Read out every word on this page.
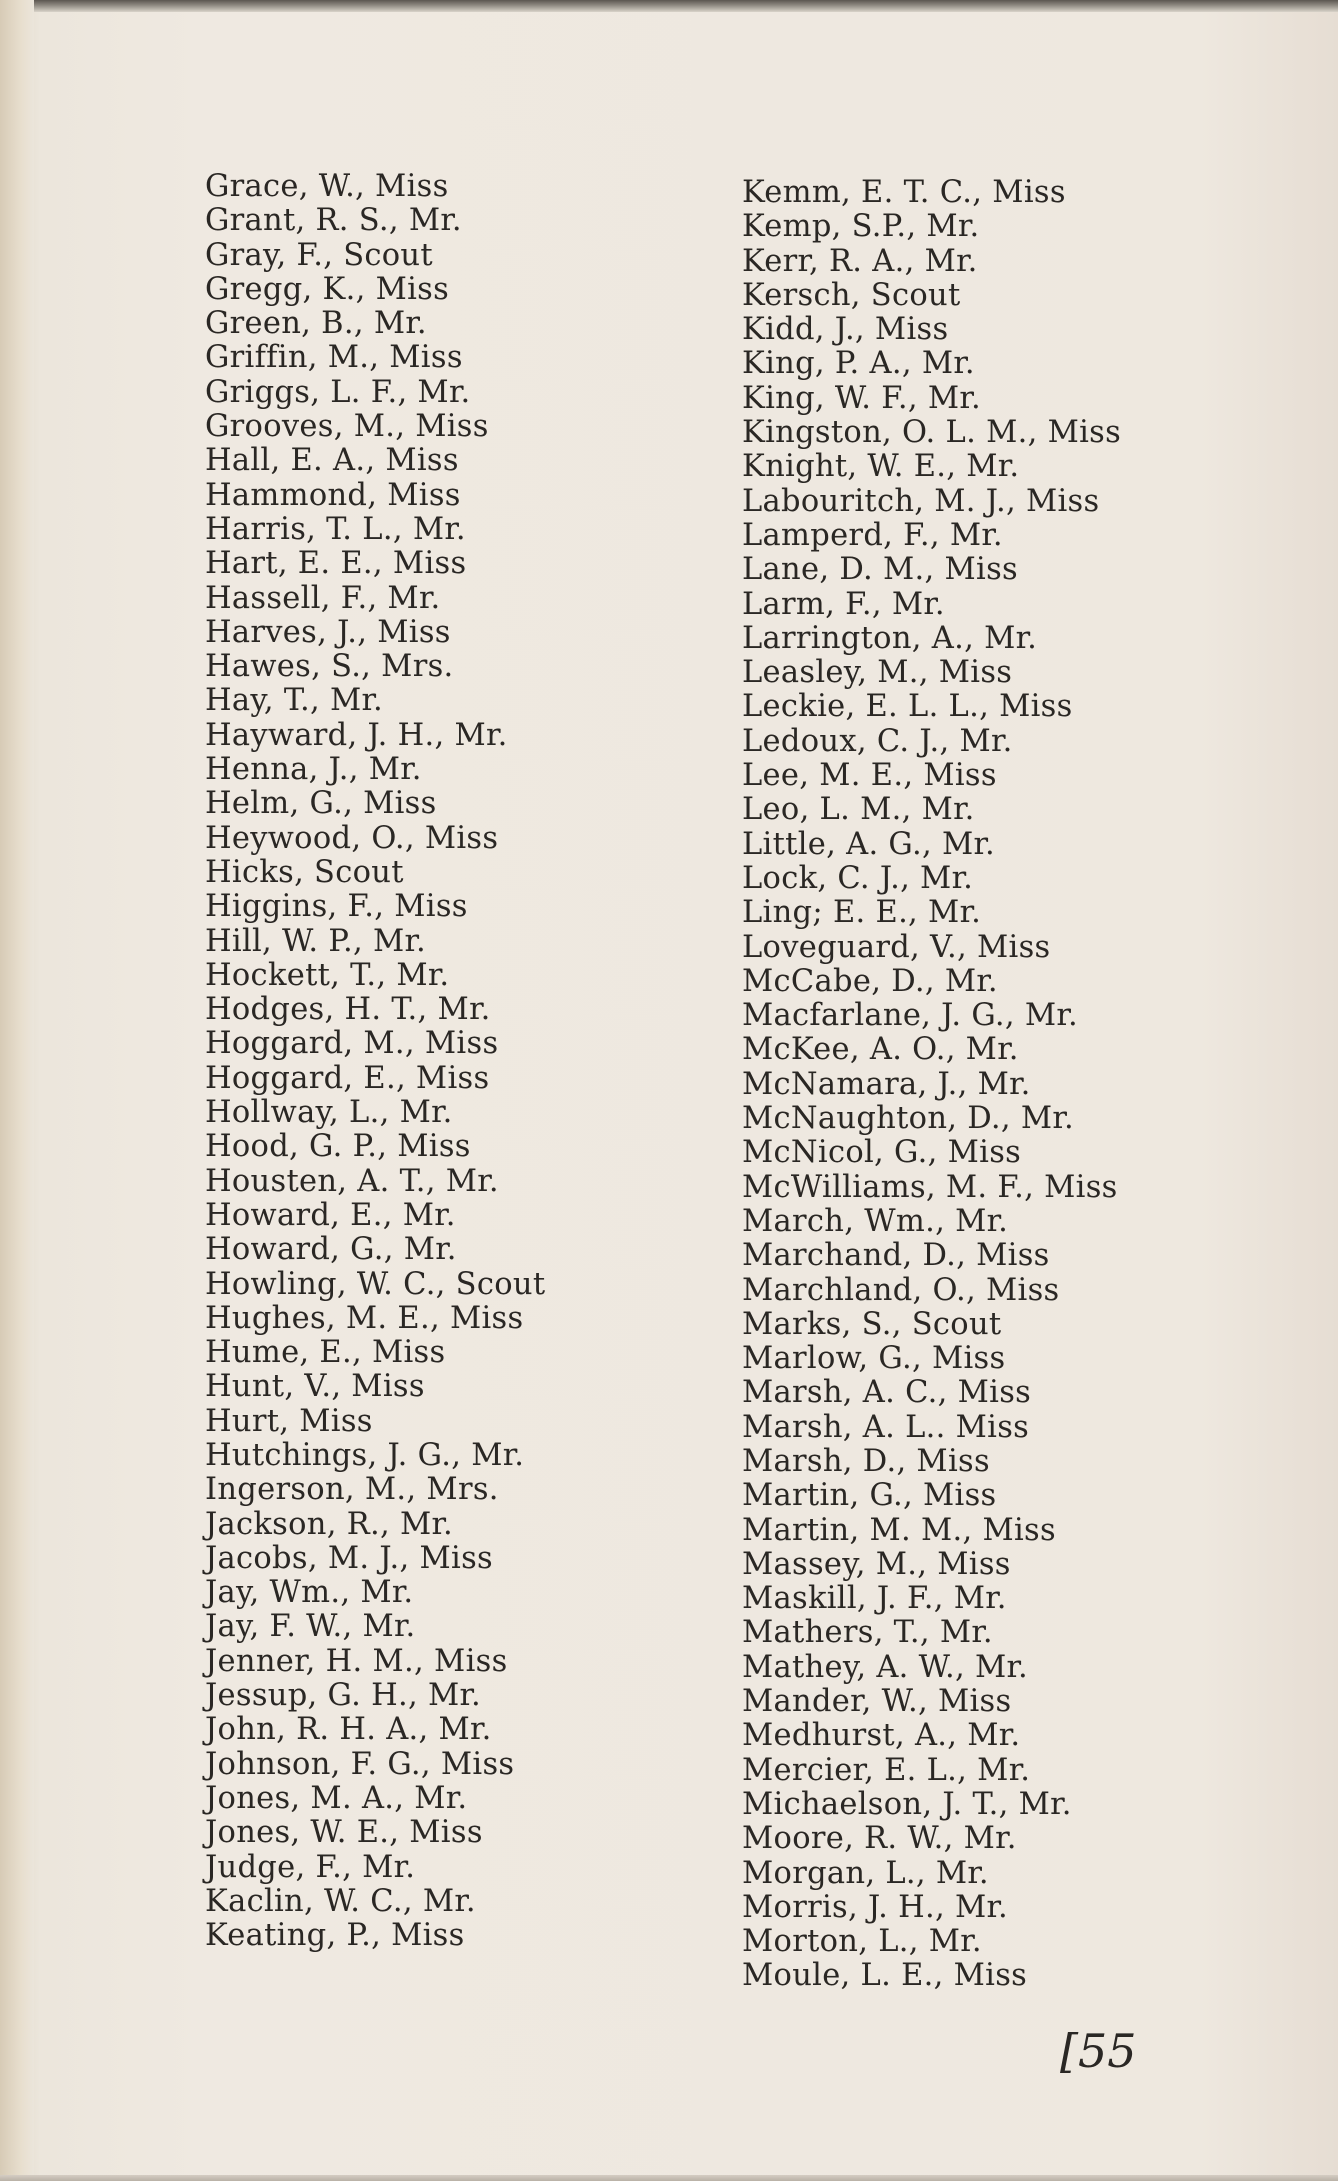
Grace, W., Miss
Grant, R. S., Mr.
Gray, F., Scout
Gregg, K., Miss
Green, B., Mr.
Griffin, M., Miss
Griggs, L. F., Mr.
Grooves, M., Miss
Hall, E. A., Miss
Hammond, Miss
Harris, T. L., Mr.
Hart, E. E., Miss
Hassell, F., Mr.
Harves, J., Miss
Hawes, S., Mrs.
Hay, T., Mr.
Hayward, J. H., Mr.
Henna, J., Mr.
Helm, G., Miss
Heywood, O., Miss
Hicks, Scout
Higgins, F., Miss
Hill, W. P., Mr.
Hockett, T., Mr.
Hodges, H. T., Mr.
Hoggard, M., Miss
Hoggard, E., Miss
Hollway, L., Mr.
Hood, G. P., Miss
Housten, A. T., Mr.
Howard, E., Mr.
Howard, G., Mr.
Howling, W. C., Scout
Hughes, M. E., Miss
Hume, E., Miss
Hunt, V., Miss
Hurt, Miss
Hutchings, J. G., Mr.
Ingerson, M., Mrs.
Jackson, R., Mr.
Jacobs, M. J., Miss
Jay, Wm., Mr.
Jay, F. W., Mr.
Jenner, H. M., Miss
Jessup, G. H., Mr.
John, R. H. A., Mr.
Johnson, F. G., Miss
Jones, M. A., Mr.
Jones, W. E., Miss
Judge, F., Mr.
Kaclin, W. C., Mr.
Keating, P., Miss
Kemm, E. T. C., Miss
Kemp, S.P., Mr.
Kerr, R. A., Mr.
Kersch, Scout
Kidd, J., Miss
King, P. A., Mr.
King, W. F., Mr.
Kingston, O. L. M., Miss
Knight, W. E., Mr.
Labouritch, M. J., Miss
Lamperd, F., Mr.
Lane, D. M., Miss
Larm, F., Mr.
Larrington, A., Mr.
Leasley, M., Miss
Leckie, E. L. L., Miss
Ledoux, C. J., Mr.
Lee, M. E., Miss
Leo, L. M., Mr.
Little, A. G., Mr.
Lock, C. J., Mr.
Ling; E. E., Mr.
Loveguard, V., Miss
McCabe, D., Mr.
Macfarlane, J. G., Mr.
McKee, A. O., Mr.
McNamara, J., Mr.
McNaughton, D., Mr.
McNicol, G., Miss
McWilliams, M. F., Miss
March, Wm., Mr.
Marchand, D., Miss
Marchland, O., Miss
Marks, S., Scout
Marlow, G., Miss
Marsh, A. C., Miss
Marsh, A. L.. Miss
Marsh, D., Miss
Martin, G., Miss
Martin, M. M., Miss
Massey, M., Miss
Maskill, J. F., Mr.
Mathers, T., Mr.
Mathey, A. W., Mr.
Mander, W., Miss
Medhurst, A., Mr.
Mercier, E. L., Mr.
Michaelson, J. T., Mr.
Moore, R. W., Mr.
Morgan, L., Mr.
Morris, J. H., Mr.
Morton, L., Mr.
Moule, L. E., Miss
[55
